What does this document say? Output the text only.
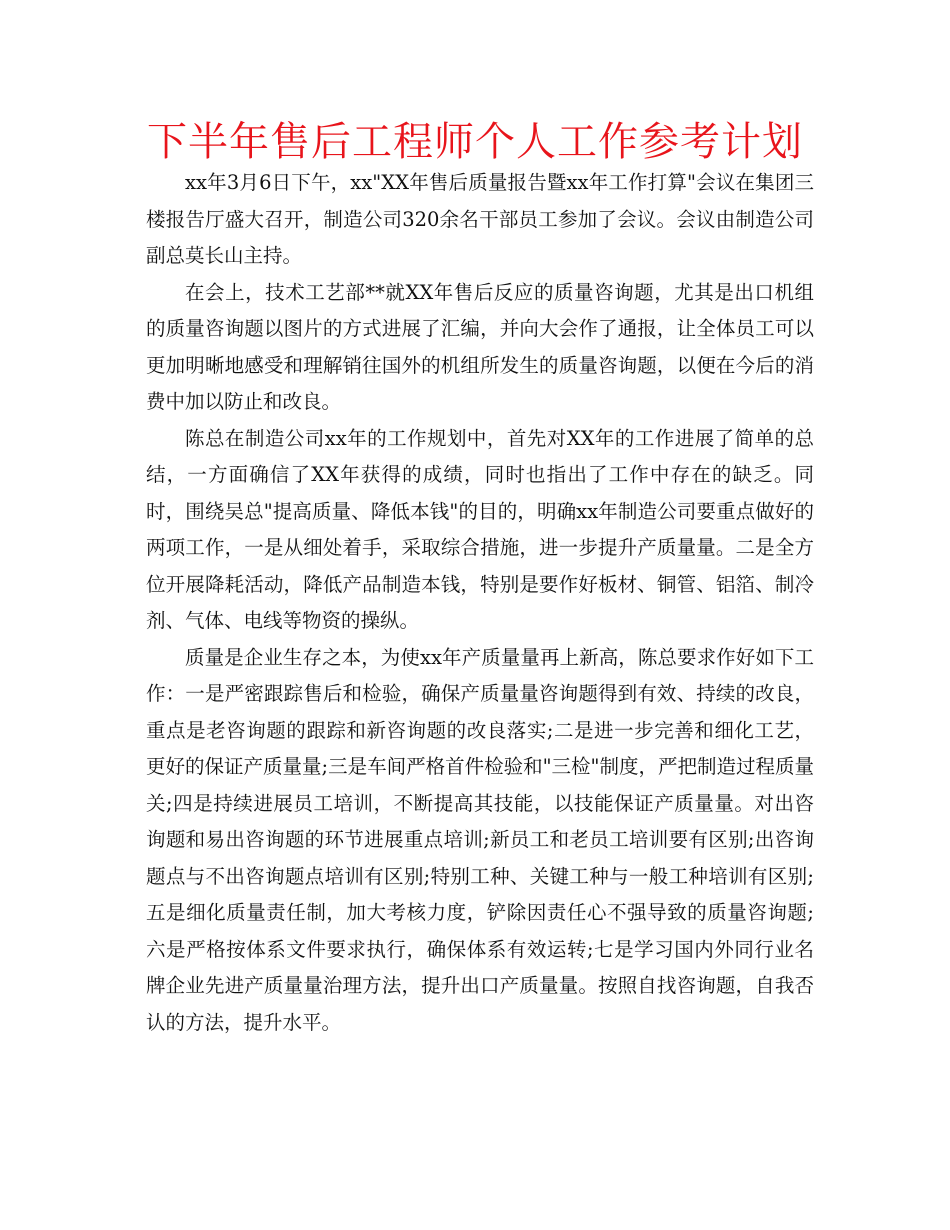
下半年售后工程师个人工作参考计划

xx年3月6日下午，xx"XX年售后质量报告暨xx年工作打算"会议在集团三楼报告厅盛大召开，制造公司320余名干部员工参加了会议。会议由制造公司副总莫长山主持。

在会上，技术工艺部**就XX年售后反应的质量咨询题，尤其是出口机组的质量咨询题以图片的方式进展了汇编，并向大会作了通报，让全体员工可以更加明晰地感受和理解销往国外的机组所发生的质量咨询题，以便在今后的消费中加以防止和改良。

陈总在制造公司xx年的工作规划中，首先对XX年的工作进展了简单的总结，一方面确信了XX年获得的成绩，同时也指出了工作中存在的缺乏。同时，围绕吴总"提高质量、降低本钱"的目的，明确xx年制造公司要重点做好的两项工作，一是从细处着手，采取综合措施，进一步提升产质量量。二是全方位开展降耗活动，降低产品制造本钱，特别是要作好板材、铜管、铝箔、制冷剂、气体、电线等物资的操纵。

质量是企业生存之本，为使xx年产质量量再上新高，陈总要求作好如下工作：一是严密跟踪售后和检验，确保产质量量咨询题得到有效、持续的改良，重点是老咨询题的跟踪和新咨询题的改良落实;二是进一步完善和细化工艺，更好的保证产质量量;三是车间严格首件检验和"三检"制度，严把制造过程质量关;四是持续进展员工培训，不断提高其技能，以技能保证产质量量。对出咨询题和易出咨询题的环节进展重点培训;新员工和老员工培训要有区别;出咨询题点与不出咨询题点培训有区别;特别工种、关键工种与一般工种培训有区别;五是细化质量责任制，加大考核力度，铲除因责任心不强导致的质量咨询题;六是严格按体系文件要求执行，确保体系有效运转;七是学习国内外同行业名牌企业先进产质量量治理方法，提升出口产质量量。按照自找咨询题，自我否认的方法，提升水平。
